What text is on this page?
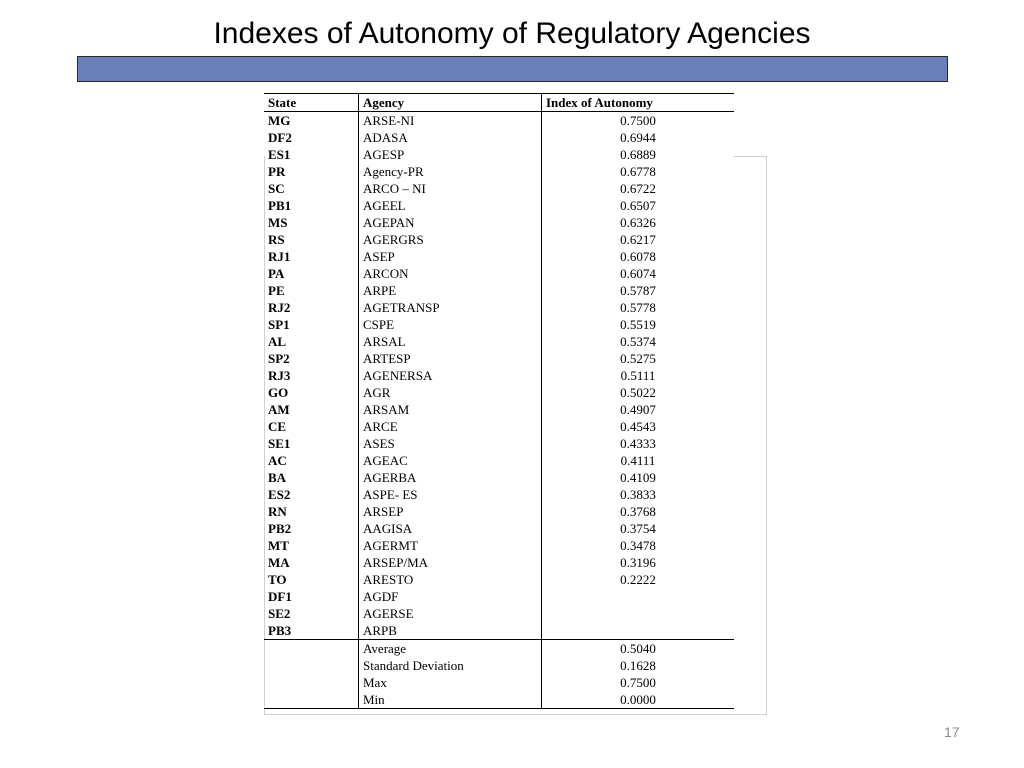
Indexes of Autonomy of Regulatory Agencies
State	Agency	Index of Autonomy
MG	ARSE-NI	0.7500
DF2	ADASA	0.6944
ES1	AGESP	0.6889
PR	Agency-PR	0.6778
SC	ARCO – NI	0.6722
PB1	AGEEL	0.6507
MS	AGEPAN	0.6326
RS	AGERGRS	0.6217
RJ1	ASEP	0.6078
PA	ARCON	0.6074
PE	ARPE	0.5787
RJ2	AGETRANSP	0.5778
SP1	CSPE	0.5519
AL	ARSAL	0.5374
SP2	ARTESP	0.5275
RJ3	AGENERSA	0.5111
GO	AGR	0.5022
AM	ARSAM	0.4907
CE	ARCE	0.4543
SE1	ASES	0.4333
AC	AGEAC	0.4111
BA	AGERBA	0.4109
ES2	ASPE- ES	0.3833
RN	ARSEP	0.3768
PB2	AAGISA	0.3754
MT	AGERMT	0.3478
MA	ARSEP/MA	0.3196
TO	ARESTO	0.2222
DF1	AGDF	
SE2	AGERSE	
PB3	ARPB	
	Average	0.5040
	Standard Deviation	0.1628
	Max	0.7500
	Min	0.0000
17
